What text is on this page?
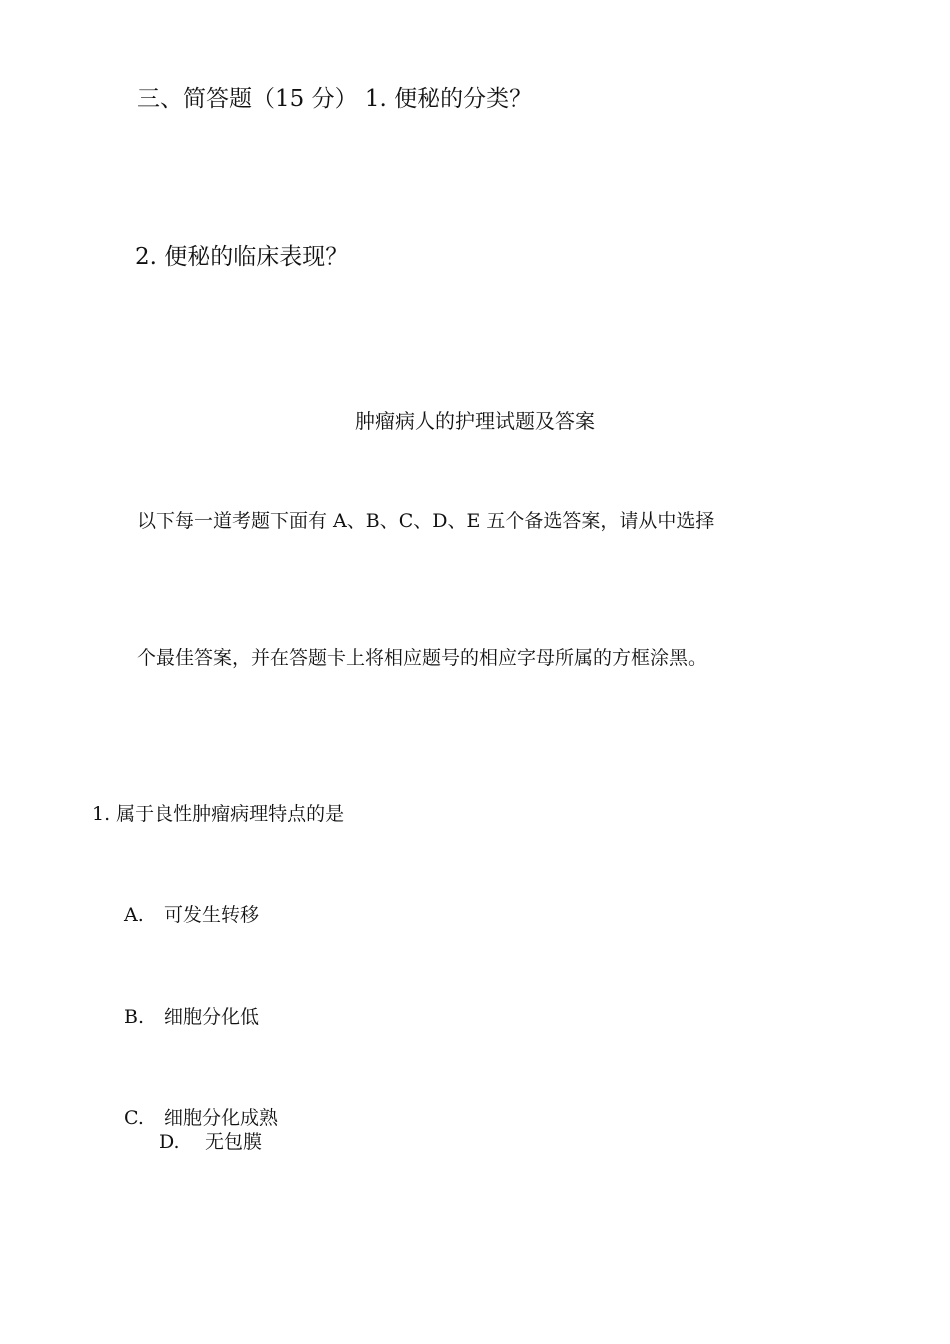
三、简答题（15 分） 1. 便秘的分类？
2. 便秘的临床表现？
肿瘤病人的护理试题及答案
以下每一道考题下面有 A、B、C、D、E 五个备选答案，请从中选择
个最佳答案，并在答题卡上将相应题号的相应字母所属的方框涂黑。
1. 属于良性肿瘤病理特点的是
A. 可发生转移
B. 细胞分化低
C. 细胞分化成熟
D. 无包膜
